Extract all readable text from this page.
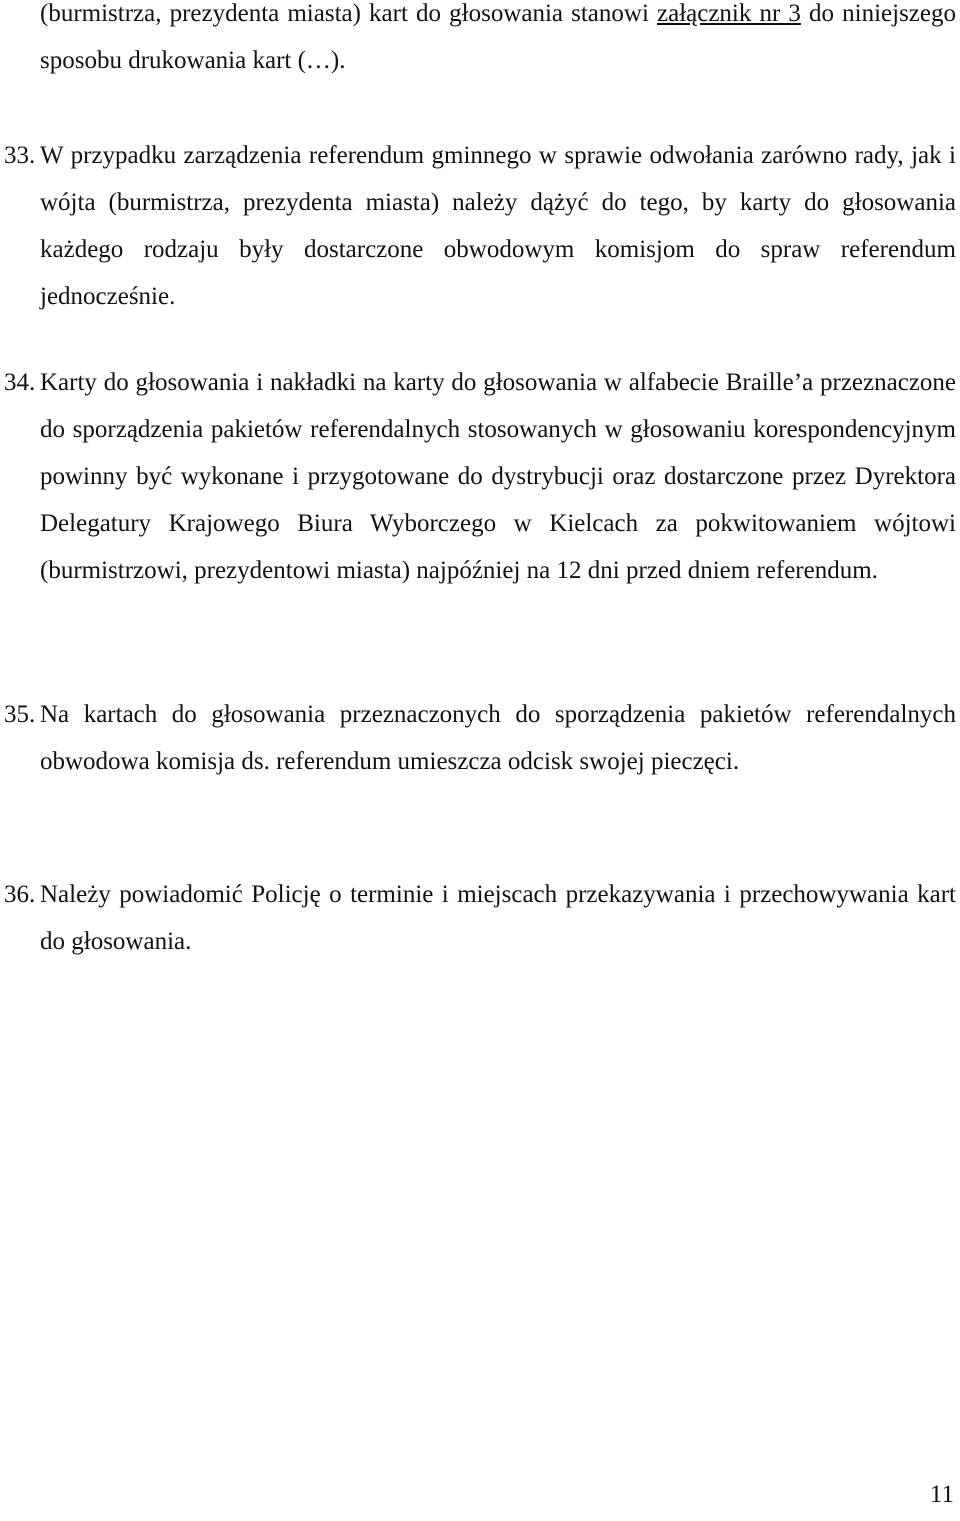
(burmistrza, prezydenta miasta) kart do głosowania stanowi załącznik nr 3 do niniejszego sposobu drukowania kart (…).

33. W przypadku zarządzenia referendum gminnego w sprawie odwołania zarówno rady, jak i wójta (burmistrza, prezydenta miasta) należy dążyć do tego, by karty do głosowania każdego rodzaju były dostarczone obwodowym komisjom do spraw referendum jednocześnie.

34. Karty do głosowania i nakładki na karty do głosowania w alfabecie Braille’a przeznaczone do sporządzenia pakietów referendalnych stosowanych w głosowaniu korespondencyjnym powinny być wykonane i przygotowane do dystrybucji oraz dostarczone przez Dyrektora Delegatury Krajowego Biura Wyborczego w Kielcach za pokwitowaniem wójtowi (burmistrzowi, prezydentowi miasta) najpóźniej na 12 dni przed dniem referendum.

35. Na kartach do głosowania przeznaczonych do sporządzenia pakietów referendalnych obwodowa komisja ds. referendum umieszcza odcisk swojej pieczęci.

36. Należy powiadomić Policję o terminie i miejscach przekazywania i przechowywania kart do głosowania.

11
